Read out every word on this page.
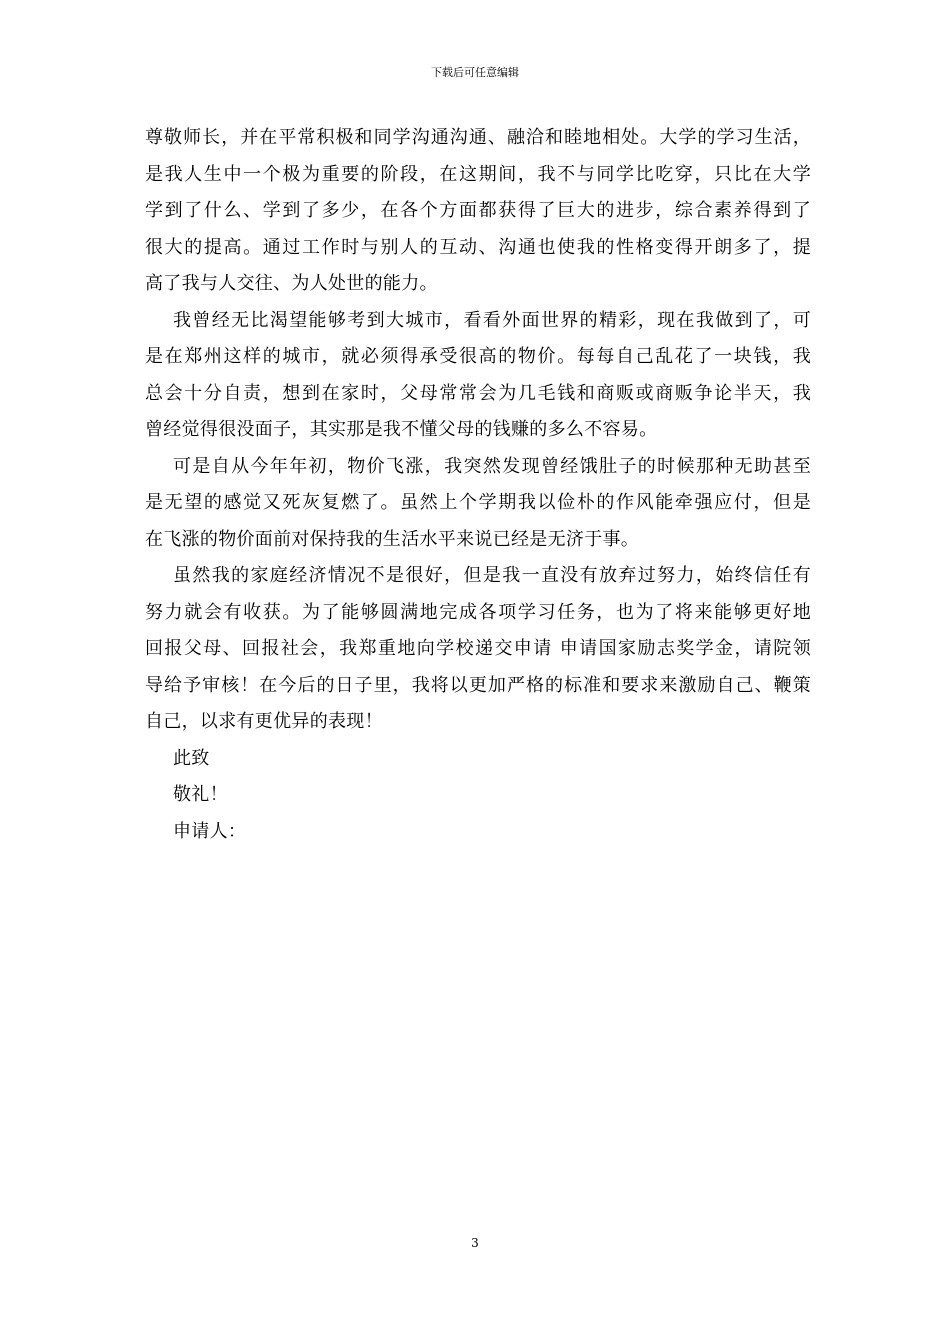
下载后可任意编辑

尊敬师长，并在平常积极和同学沟通沟通、融洽和睦地相处。大学的学习生活，
是我人生中一个极为重要的阶段，在这期间，我不与同学比吃穿，只比在大学
学到了什么、学到了多少，在各个方面都获得了巨大的进步，综合素养得到了
很大的提高。通过工作时与别人的互动、沟通也使我的性格变得开朗多了，提
高了我与人交往、为人处世的能力。

我曾经无比渴望能够考到大城市，看看外面世界的精彩，现在我做到了，可
是在郑州这样的城市，就必须得承受很高的物价。每每自己乱花了一块钱，我
总会十分自责，想到在家时，父母常常会为几毛钱和商贩或商贩争论半天，我
曾经觉得很没面子，其实那是我不懂父母的钱赚的多么不容易。

可是自从今年年初，物价飞涨，我突然发现曾经饿肚子的时候那种无助甚至
是无望的感觉又死灰复燃了。虽然上个学期我以俭朴的作风能牵强应付，但是
在飞涨的物价面前对保持我的生活水平来说已经是无济于事。

虽然我的家庭经济情况不是很好，但是我一直没有放弃过努力，始终信任有
努力就会有收获。为了能够圆满地完成各项学习任务，也为了将来能够更好地
回报父母、回报社会，我郑重地向学校递交申请 申请国家励志奖学金，请院领
导给予审核！在今后的日子里，我将以更加严格的标准和要求来激励自己、鞭策
自己，以求有更优异的表现！

此致

敬礼！

申请人：

3
